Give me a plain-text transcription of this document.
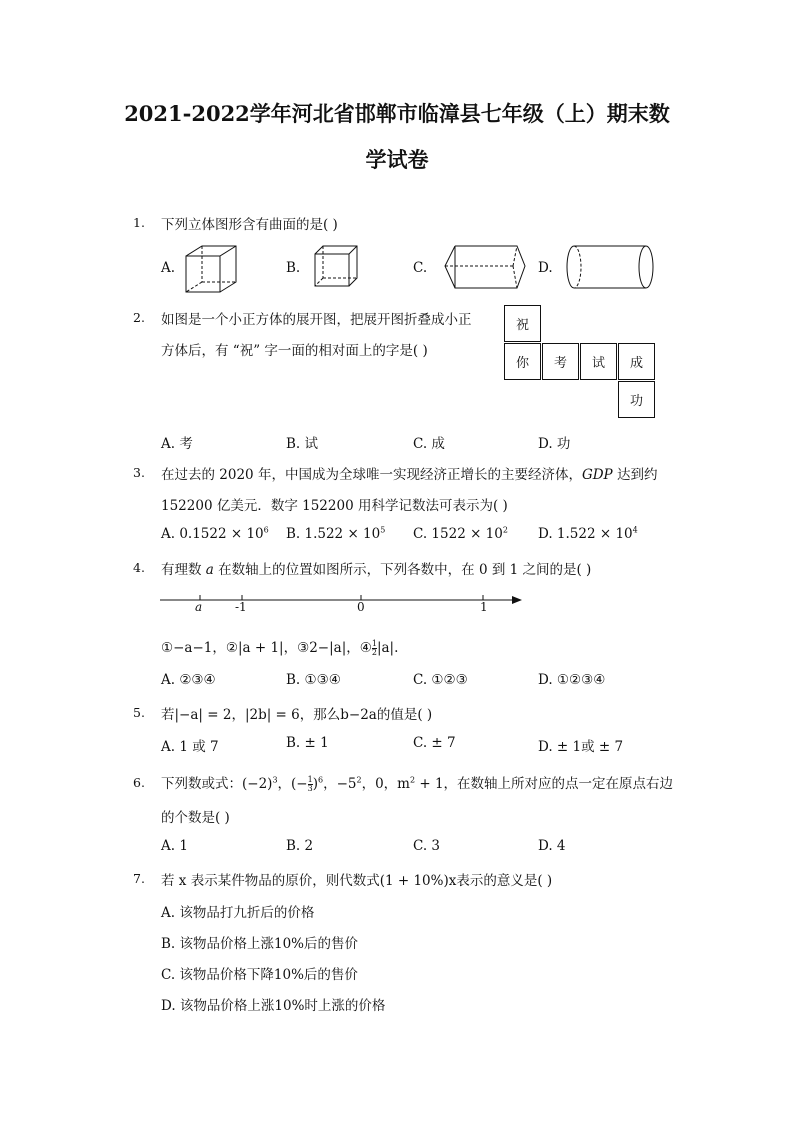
2021-2022学年河北省邯郸市临漳县七年级（上）期末数
学试卷
1. 下列立体图形含有曲面的是( )
A.	B.	C.	D.
2. 如图是一个小正方体的展开图，把展开图折叠成小正
方体后，有 “祝” 字一面的相对面上的字是( )
祝
你	考	试	成
功
A. 考	B. 试	C. 成	D. 功
3. 在过去的 2020 年，中国成为全球唯一实现经济正增长的主要经济体，GDP 达到约
152200 亿美元．数字 152200 用科学记数法可表示为( )
A. $0.1522 \times 10^6$ B. $1.522 \times 10^5$ C. $1522 \times 10^2$ D. $1.522 \times 10^4$
4. 有理数 a 在数轴上的位置如图所示，下列各数中，在 0 到 1 之间的是( )
a	-1	0	1
①−a−1，②|a + 1|，③2−|a|，④ $\frac{1}{2} |a|$.
A. ②③④	B. ①③④	C. ①②③	D. ①②③④
5. 若|−a| = 2，|2b| = 6，那么b−2a的值是( )
A. 1 或 7	B. ± 1	C. ± 7	D. ± 1或 ± 7
6. 下列数或式：$(-2)^3$，(− $\frac{1}{3} )^6$，$-5^2$，0，$m^2 + 1$，在数轴上所对应的点一定在原点右边
的个数是( )
A. 1	B. 2	C. 3	D. 4
7. 若 x 表示某件物品的原价，则代数式(1 + 10%)x表示的意义是( )
A. 该物品打九折后的价格
B. 该物品价格上涨10%后的售价
C. 该物品价格下降10%后的售价
D. 该物品价格上涨10%时上涨的价格
